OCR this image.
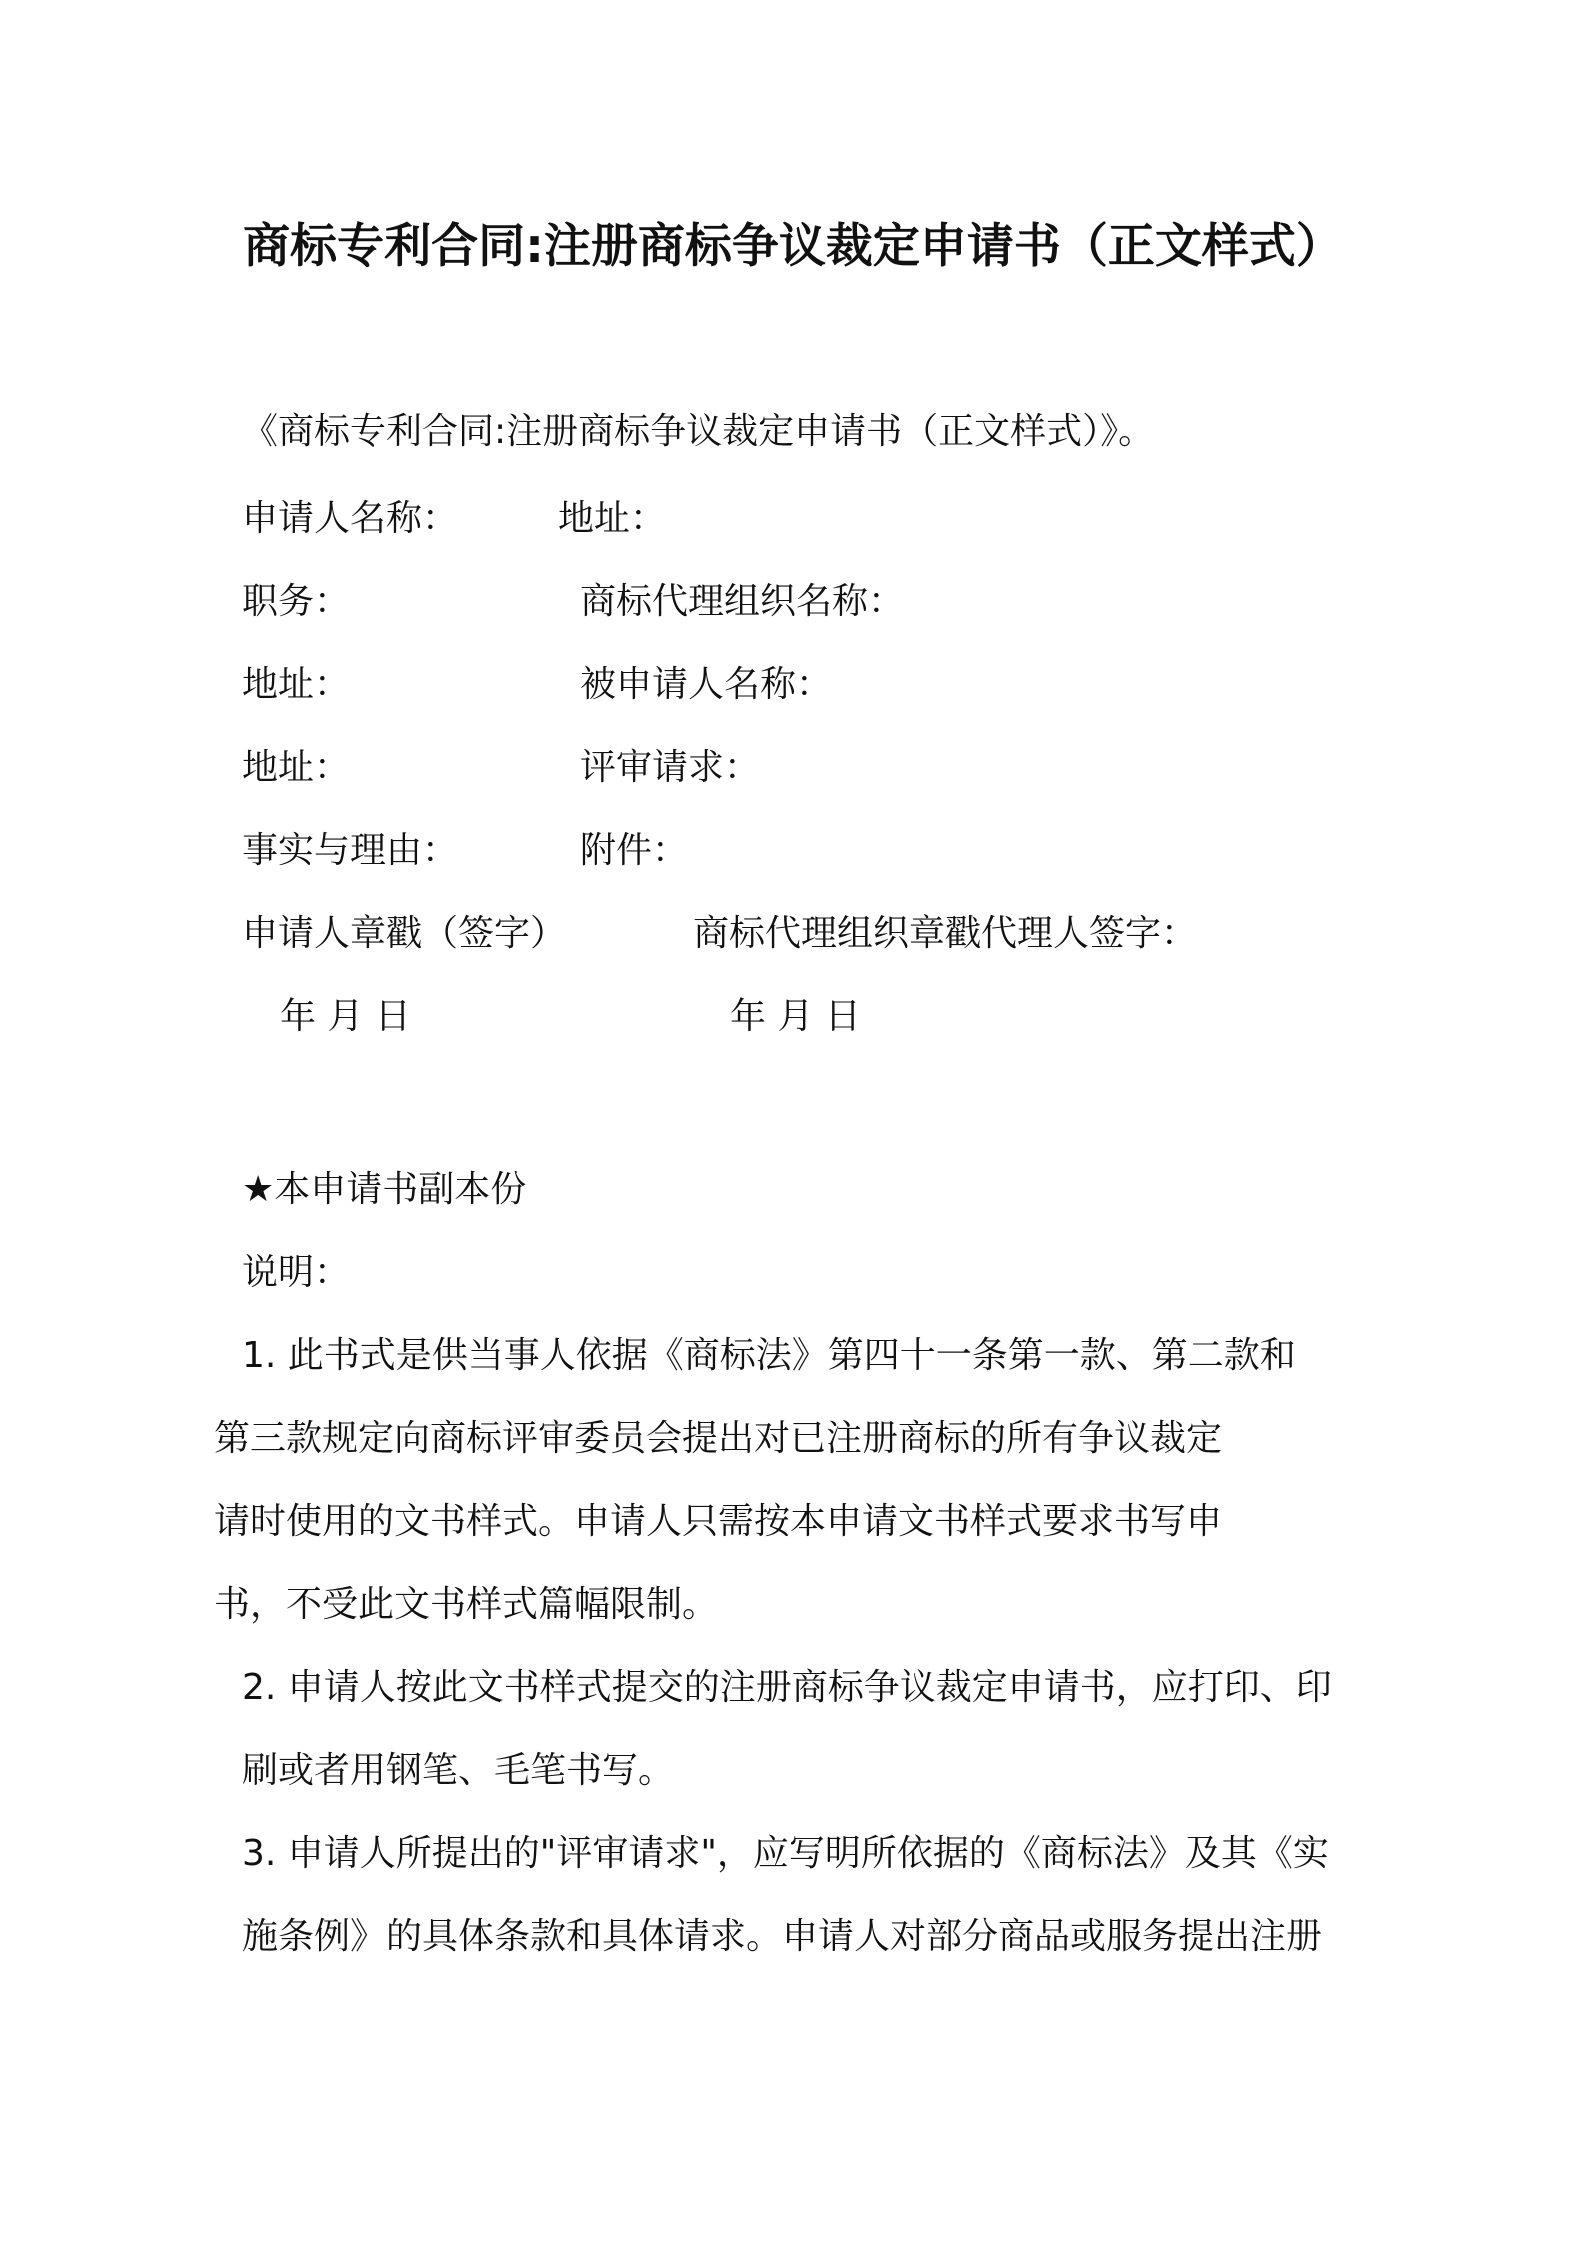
商标专利合同:注册商标争议裁定申请书（正文样式）
《商标专利合同:注册商标争议裁定申请书（正文样式）》。
申请人名称：	地址：
职务：	商标代理组织名称：
地址：	被申请人名称：
地址：	评审请求：
事实与理由：	附件：
申请人章戳（签字）	商标代理组织章戳代理人签字：
年 月 日	年 月 日
★本申请书副本份
说明：
1. 此书式是供当事人依据《商标法》第四十一条第一款、第二款和
第三款规定向商标评审委员会提出对已注册商标的所有争议裁定
请时使用的文书样式。申请人只需按本申请文书样式要求书写申
书，不受此文书样式篇幅限制。
2. 申请人按此文书样式提交的注册商标争议裁定申请书，应打印、印
刷或者用钢笔、毛笔书写。
3. 申请人所提出的"评审请求"，应写明所依据的《商标法》及其《实
施条例》的具体条款和具体请求。申请人对部分商品或服务提出注册
